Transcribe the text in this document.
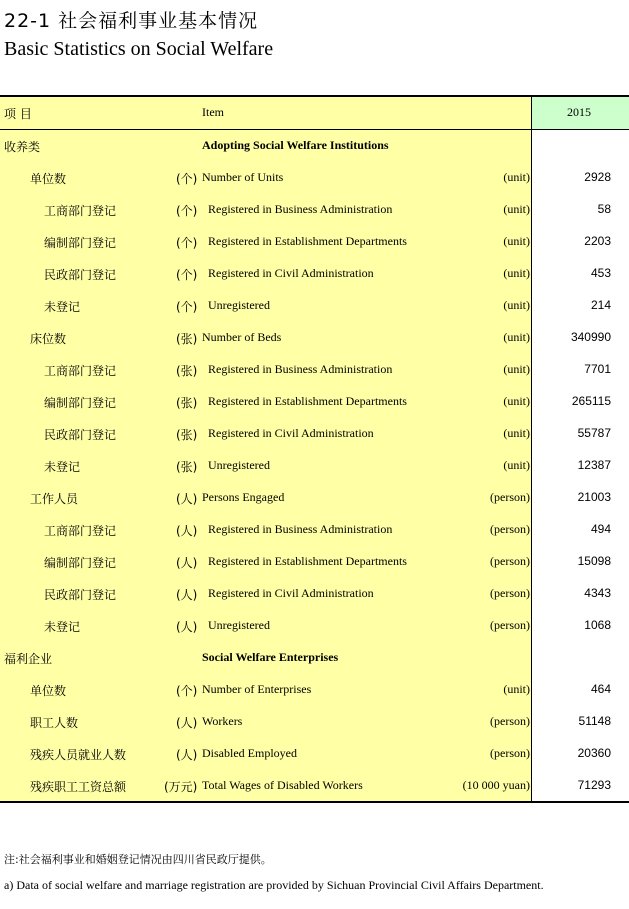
22-1 社会福利事业基本情况
Basic Statistics on Social Welfare
项 目	Item	2015
收养类	Adopting Social Welfare Institutions
单位数	(个) Number of Units	(unit)	2928
工商部门登记	(个) Registered in Business Administration	(unit)	58
编制部门登记	(个) Registered in Establishment Departments	(unit)	2203
民政部门登记	(个) Registered in Civil Administration	(unit)	453
未登记	(个) Unregistered	(unit)	214
床位数	(张) Number of Beds	(unit)	340990
工商部门登记	(张) Registered in Business Administration	(unit)	7701
编制部门登记	(张) Registered in Establishment Departments	(unit)	265115
民政部门登记	(张) Registered in Civil Administration	(unit)	55787
未登记	(张) Unregistered	(unit)	12387
工作人员	(人) Persons Engaged	(person)	21003
工商部门登记	(人) Registered in Business Administration	(person)	494
编制部门登记	(人) Registered in Establishment Departments	(person)	15098
民政部门登记	(人) Registered in Civil Administration	(person)	4343
未登记	(人) Unregistered	(person)	1068
福利企业	Social Welfare Enterprises
单位数	(个) Number of Enterprises	(unit)	464
职工人数	(人) Workers	(person)	51148
残疾人员就业人数	(人) Disabled Employed	(person)	20360
残疾职工工资总额	(万元) Total Wages of Disabled Workers	(10 000 yuan)	71293
注:社会福利事业和婚姻登记情况由四川省民政厅提供。
a) Data of social welfare and marriage registration are provided by Sichuan Provincial Civil Affairs Department.
